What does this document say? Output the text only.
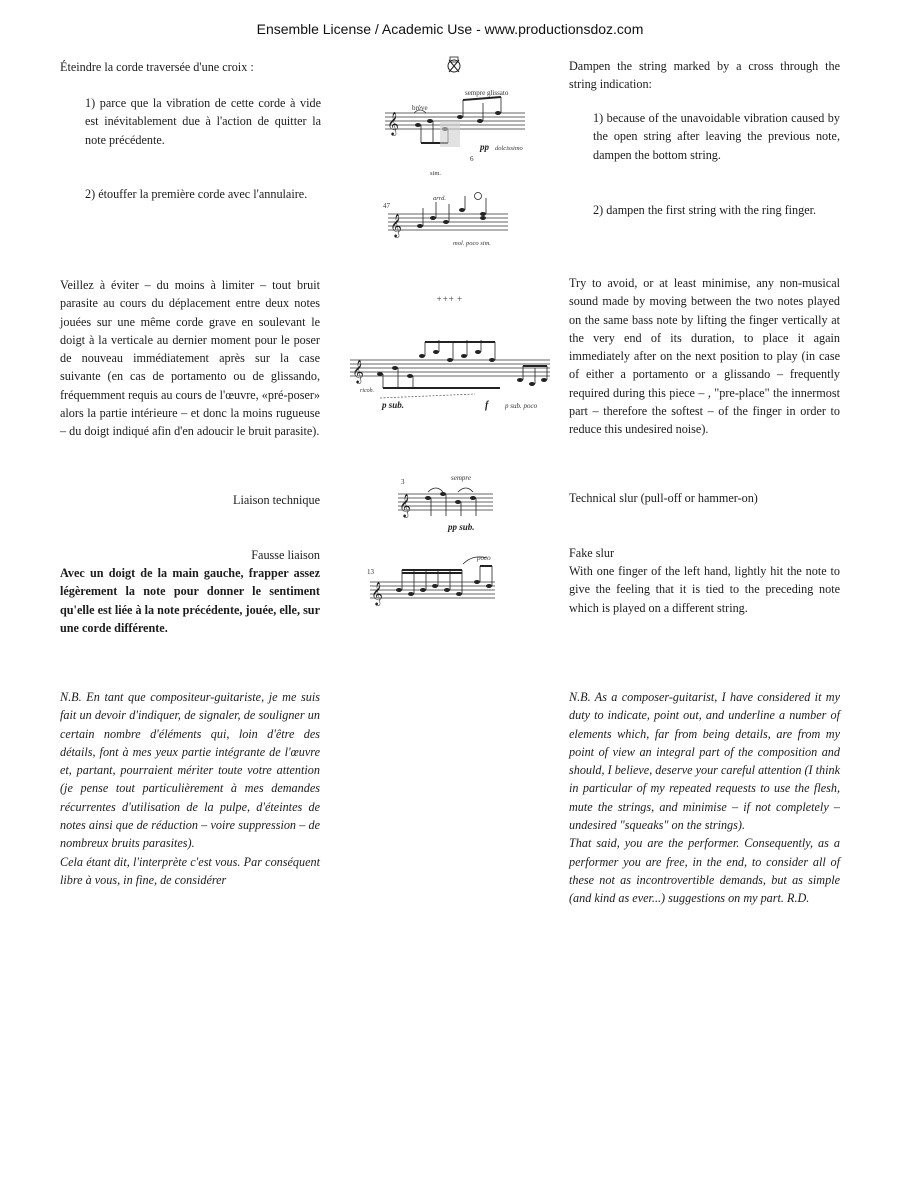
Ensemble License / Academic Use - www.productionsdoz.com
Éteindre la corde traversée d'une croix :
1) parce que la vibration de cette corde à vide est inévitablement due à l'action de quitter la note précédente.
2) étouffer la première corde avec l'annulaire.
Dampen the string marked by a cross through the string indication:
1) because of the unavoidable vibration caused by the open string after leaving the previous note, dampen the bottom string.
2) dampen the first string with the ring finger.
𝄞
brève
sempre glissato
pp dolcissimo
6
sim.
47
𝄞
arrd.
mol. poco sim.
Veillez à éviter – du moins à limiter – tout bruit parasite au cours du déplacement entre deux notes jouées sur une même corde grave en soulevant le doigt à la verticale au dernier moment pour le poser de nouveau immédiatement après sur la case suivante (en cas de portamento ou de glissando, fréquemment requis au cours de l'œuvre, «pré-poser» alors la partie intérieure – et donc la moins rugueuse – du doigt indiqué afin d'en adoucir le bruit parasite).
Try to avoid, or at least minimise, any non-musical sound made by moving between the two notes played on the same bass note by lifting the finger vertically at the very end of its duration, to place it again immediately after on the next position to play (in case of either a portamento or a glissando – frequently required during this piece – , "pre-place" the innermost part – therefore the softest – of the finger in order to reduce this undesired noise).
+++ +
𝄞
p sub.	f p sub. poco
ricoh.
Liaison technique	Technical slur (pull-off or hammer-on)
3	sempre
𝄞
pp sub.
Fausse liaison
Avec un doigt de la main gauche, frapper assez légèrement la note pour donner le sentiment qu'elle est liée à la note précédente, jouée, elle, sur une corde différente.
Fake slur
With one finger of the left hand, lightly hit the note to give the feeling that it is tied to the preceding note which is played on a different string.
13
poco
𝄞

N.B. En tant que compositeur-guitariste, je me suis fait un devoir d'indiquer, de signaler, de souligner un certain nombre d'éléments qui, loin d'être des détails, font à mes yeux partie intégrante de l'œuvre et, partant, pourraient mériter toute votre attention (je pense tout particulièrement à mes demandes récurrentes d'utilisation de la pulpe, d'éteintes de notes ainsi que de réduction – voire suppression – de nombreux bruits parasites).

Cela étant dit, l'interprète c'est vous. Par conséquent libre à vous, in fine, de considérer

N.B. As a composer-guitarist, I have considered it my duty to indicate, point out, and underline a number of elements which, far from being details, are from my point of view an integral part of the composition and should, I believe, deserve your careful attention (I think in particular of my repeated requests to use the flesh, mute the strings, and minimise – if not completely – undesired "squeaks" on the strings).

That said, you are the performer. Consequently, as a performer you are free, in the end, to consider all of these not as incontrovertible demands, but as simple (and kind as ever...) suggestions on my part. R.D.
